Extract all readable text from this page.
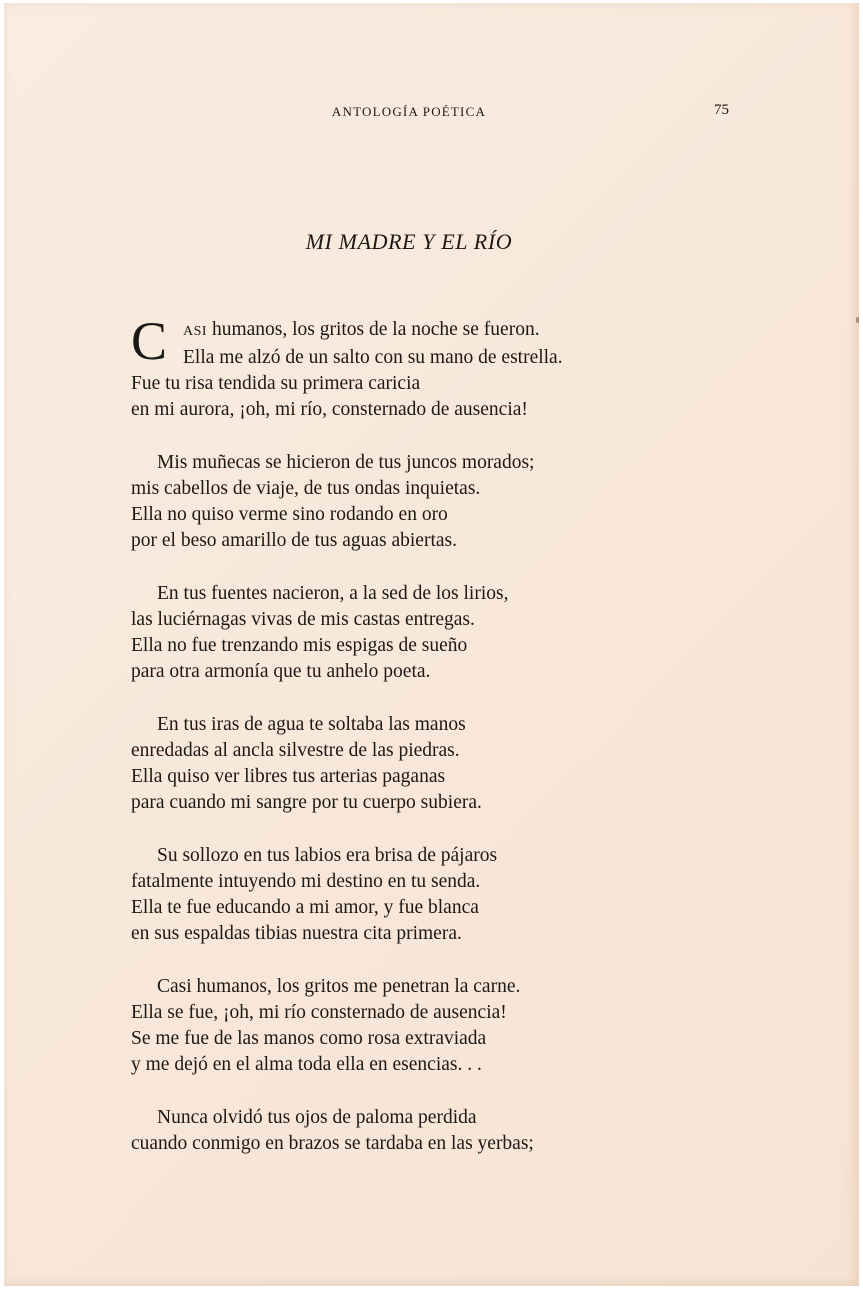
ANTOLOGÍA POÉTICA	75
MI MADRE Y EL RÍO
C ASI humanos, los gritos de la noche se fueron.
Ella me alzó de un salto con su mano de estrella.
Fue tu risa tendida su primera caricia
en mi aurora, ¡oh, mi río, consternado de ausencia!
Mis muñecas se hicieron de tus juncos morados;
mis cabellos de viaje, de tus ondas inquietas.
Ella no quiso verme sino rodando en oro
por el beso amarillo de tus aguas abiertas.
En tus fuentes nacieron, a la sed de los lirios,
las luciérnagas vivas de mis castas entregas.
Ella no fue trenzando mis espigas de sueño
para otra armonía que tu anhelo poeta.
En tus iras de agua te soltaba las manos
enredadas al ancla silvestre de las piedras.
Ella quiso ver libres tus arterias paganas
para cuando mi sangre por tu cuerpo subiera.
Su sollozo en tus labios era brisa de pájaros
fatalmente intuyendo mi destino en tu senda.
Ella te fue educando a mi amor, y fue blanca
en sus espaldas tibias nuestra cita primera.
Casi humanos, los gritos me penetran la carne.
Ella se fue, ¡oh, mi río consternado de ausencia!
Se me fue de las manos como rosa extraviada
y me dejó en el alma toda ella en esencias. . .
Nunca olvidó tus ojos de paloma perdida
cuando conmigo en brazos se tardaba en las yerbas;
